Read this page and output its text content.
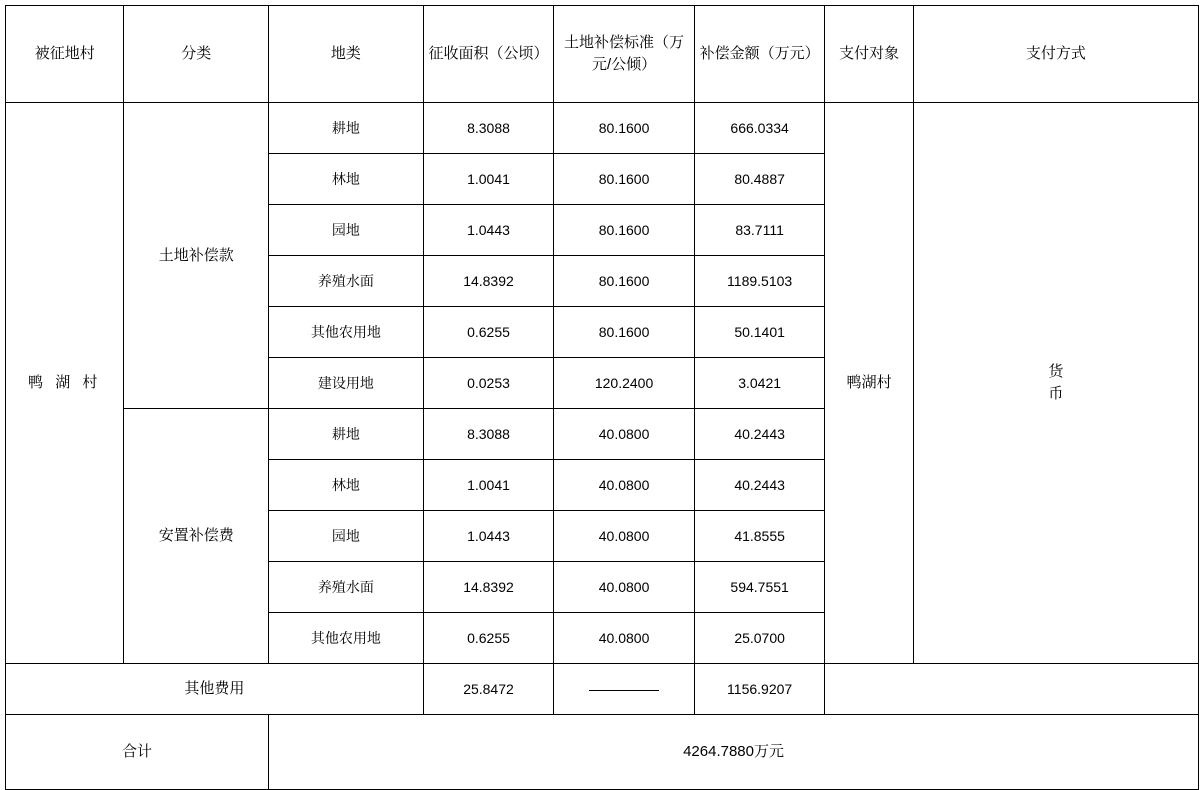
被征地村	分类	地类	征收面积（公顷）	土地补偿标准（万元/公倾）	补偿金额（万元）	支付对象	支付方式
鸭 湖 村	土地补偿款	耕地	8.3088	80.1600	666.0334	鸭湖村	货
币

		林地	1.0041	80.1600	80.4887		
		园地	1.0443	80.1600	83.7111		
		养殖水面	14.8392	80.1600	1189.5103		
		其他农用地	0.6255	80.1600	50.1401		
		建设用地	0.0253	120.2400	3.0421		
	安置补偿费	耕地	8.3088	40.0800	40.2443		
		林地	1.0041	40.0800	40.2443		
		园地	1.0443	40.0800	41.8555		
		养殖水面	14.8392	40.0800	594.7551		
		其他农用地	0.6255	40.0800	25.0700		
其他费用			25.8472		1156.9207		
合计		4264.7880万元					
